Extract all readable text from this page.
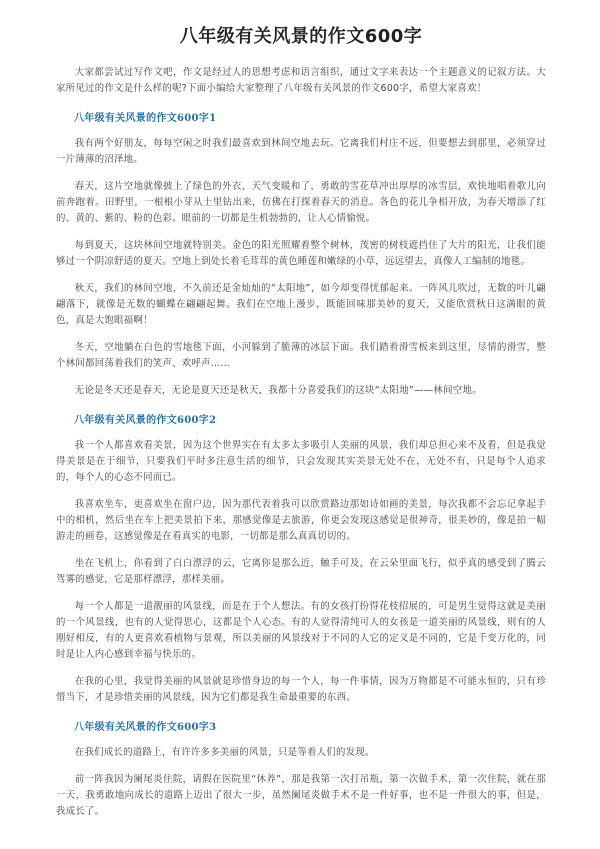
八年级有关风景的作文600字

大家都尝试过写作文吧，作文是经过人的思想考虑和语言组织，通过文字来表达一个主题意义的记叙方法。大家所见过的作文是什么样的呢?下面小编给大家整理了八年级有关风景的作文600字，希望大家喜欢！

八年级有关风景的作文600字1

我有两个好朋友，每每空闲之时我们最喜欢到林间空地去玩。它离我们村庄不远，但要想去到那里，必须穿过一片薄薄的沼泽地。

春天，这片空地就像披上了绿色的外衣，天气变暖和了，勇敢的雪花草冲出厚厚的冰雪层，欢快地唱着歌儿向前奔跑着。田野里，一根根小芽从土里钻出来，仿佛在打探着春天的消息。各色的花儿争相开放，为春天增添了红的、黄的、紫的、粉的色彩。眼前的一切都是生机勃勃的，让人心情愉悦。

每到夏天，这块林间空地就特别美。金色的阳光照耀着整个树林，茂密的树枝遮挡住了大片的阳光，让我们能够过一个阴凉舒适的夏天。空地上到处长着毛茸茸的黄色睡莲和嫩绿的小草，远远望去，真像人工编制的地毯。

秋天，我们的林间空地，不久前还是金灿灿的“太阳地”，如今却变得忧郁起来。一阵风儿吹过，无数的叶儿翩翩落下，就像是无数的蝴蝶在翩翩起舞。我们在空地上漫步，既能回味那美妙的夏天，又能欣赏秋日这满眼的黄色，真是大饱眼福啊！

冬天，空地躺在白色的雪地毯下面，小河躲到了脆薄的冰层下面。我们踏着滑雪板来到这里，尽情的滑雪，整个林间都回荡着我们的笑声、欢呼声……

无论是冬天还是春天，无论是夏天还是秋天，我都十分喜爱我们的这块“太阳地”——林间空地。

八年级有关风景的作文600字2

我一个人都喜欢看美景，因为这个世界实在有太多太多吸引人美丽的风景，我们却总担心来不及看，但是我觉得美景是在于细节，只要我们平时多注意生活的细节，只会发现其实美景无处不在，无处不有，只是每个人追求的，每个人的心态不同而已。

我喜欢坐车，更喜欢坐在窗户边，因为那代表着我可以欣赏路边那如诗如画的美景，每次我都不会忘记拿起手中的相机，然后坐在车上把美景拍下来，那感觉像是去旅游，你更会发现这感觉是很神奇，很美妙的，像是拍一幅游走的画卷，这感觉像是在看真实的电影，一切都是那么真真切切的。

坐在飞机上，你看到了白白漂浮的云，它离你是那么近，触手可及，在云朵里面飞行，似乎真的感受到了腾云驾雾的感觉，它是那样漂浮，那样美丽。

每一个人都是一道靓丽的风景线，而是在于个人想法。有的女孩打扮得花枝招展的，可是男生觉得这就是美丽的一个风景线，也有的人觉得思心，这都是个人心态。有的人觉得清纯可人的女孩是一道美丽的风景线，则有的人刚好相反，有的人更喜欢看植物与景观，所以美丽的风景线对于不同的人它的定义是不同的，它是千变万化的，同时是让人内心感到幸福与快乐的。

在我的心里，我觉得美丽的风景就是珍惜身边的每一个人，每一件事情，因为万物都是不可能永恒的，只有珍惜当下，才是珍惜美丽的风景线，因为它们都是我生命最重要的东西。

八年级有关风景的作文600字3

在我们成长的道路上，有许许多多美丽的风景，只是等着人们的发现。

前一阵我因为阑尾炎住院，请假在医院里“休养”，那是我第一次打吊瓶，第一次做手术，第一次住院，就在那一天，我勇敢地向成长的道路上迈出了很大一步，虽然阑尾炎做手术不是一件好事，也不是一件很大的事，但是，我成长了。
